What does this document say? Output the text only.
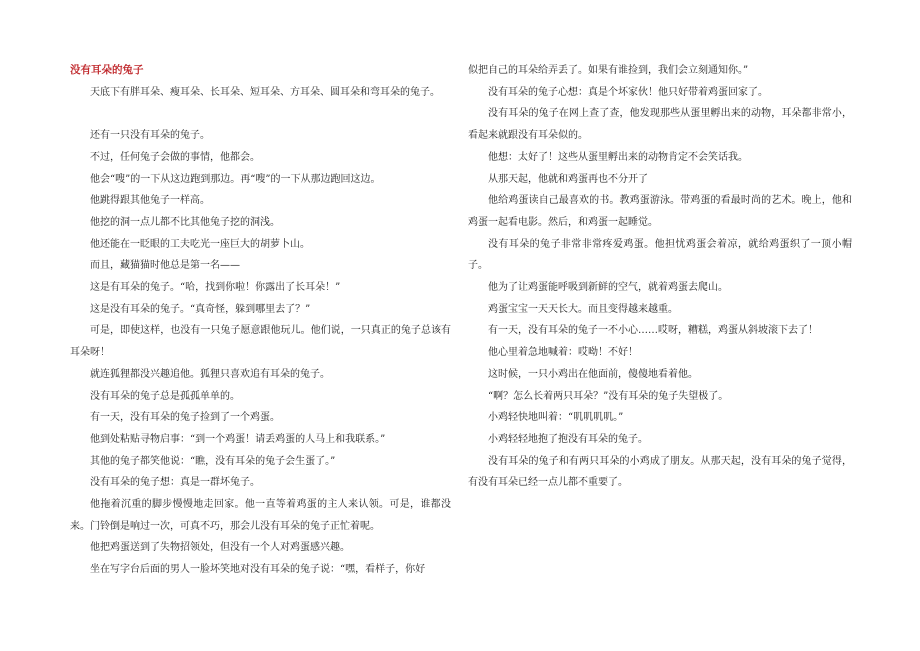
没有耳朵的兔子

天底下有胖耳朵、瘦耳朵、长耳朵、短耳朵、方耳朵、圆耳朵和弯耳朵的兔子。

还有一只没有耳朵的兔子。

不过，任何兔子会做的事情，他都会。

他会“嗖”的一下从这边跑到那边。再“嗖”的一下从那边跑回这边。

他跳得跟其他兔子一样高。

他挖的洞一点儿都不比其他兔子挖的洞浅。

他还能在一眨眼的工夫吃光一座巨大的胡萝卜山。

而且，藏猫猫时他总是第一名——

这是有耳朵的兔子。“哈，找到你啦！你露出了长耳朵！”

这是没有耳朵的兔子。“真奇怪，躲到哪里去了？”

可是，即使这样，也没有一只兔子愿意跟他玩儿。他们说，一只真正的兔子总该有耳朵呀！

就连狐狸都没兴趣追他。狐狸只喜欢追有耳朵的兔子。

没有耳朵的兔子总是孤孤单单的。

有一天，没有耳朵的兔子捡到了一个鸡蛋。

他到处粘贴寻物启事：“到一个鸡蛋！请丢鸡蛋的人马上和我联系。”

其他的兔子都笑他说：“瞧，没有耳朵的兔子会生蛋了。”

没有耳朵的兔子想：真是一群坏兔子。

他拖着沉重的脚步慢慢地走回家。他一直等着鸡蛋的主人来认领。可是，谁都没来。门铃倒是响过一次，可真不巧，那会儿没有耳朵的兔子正忙着呢。

他把鸡蛋送到了失物招领处，但没有一个人对鸡蛋感兴趣。

坐在写字台后面的男人一脸坏笑地对没有耳朵的兔子说：“嘿，看样子，你好

似把自己的耳朵给弄丢了。如果有谁捡到，我们会立刻通知你。”

没有耳朵的兔子心想：真是个坏家伙！他只好带着鸡蛋回家了。

没有耳朵的兔子在网上查了查，他发现那些从蛋里孵出来的动物，耳朵都非常小，看起来就跟没有耳朵似的。

他想：太好了！这些从蛋里孵出来的动物肯定不会笑话我。

从那天起，他就和鸡蛋再也不分开了

他给鸡蛋读自己最喜欢的书。教鸡蛋游泳。带鸡蛋的看最时尚的艺术。晚上，他和鸡蛋一起看电影。然后，和鸡蛋一起睡觉。

没有耳朵的兔子非常非常疼爱鸡蛋。他担忧鸡蛋会着凉，就给鸡蛋织了一顶小帽子。

他为了让鸡蛋能呼吸到新鲜的空气，就着鸡蛋去爬山。

鸡蛋宝宝一天天长大。而且变得越来越重。

有一天，没有耳朵的兔子一不小心……哎呀，糟糕，鸡蛋从斜坡滚下去了！

他心里着急地喊着：哎呦！不好！

这时候，一只小鸡出在他面前，傻傻地看着他。

“啊？怎么长着两只耳朵？”没有耳朵的兔子失望极了。

小鸡轻快地叫着：“叽叽叽叽。”

小鸡轻轻地抱了抱没有耳朵的兔子。

没有耳朵的兔子和有两只耳朵的小鸡成了朋友。从那天起，没有耳朵的兔子觉得，有没有耳朵已经一点儿都不重要了。
